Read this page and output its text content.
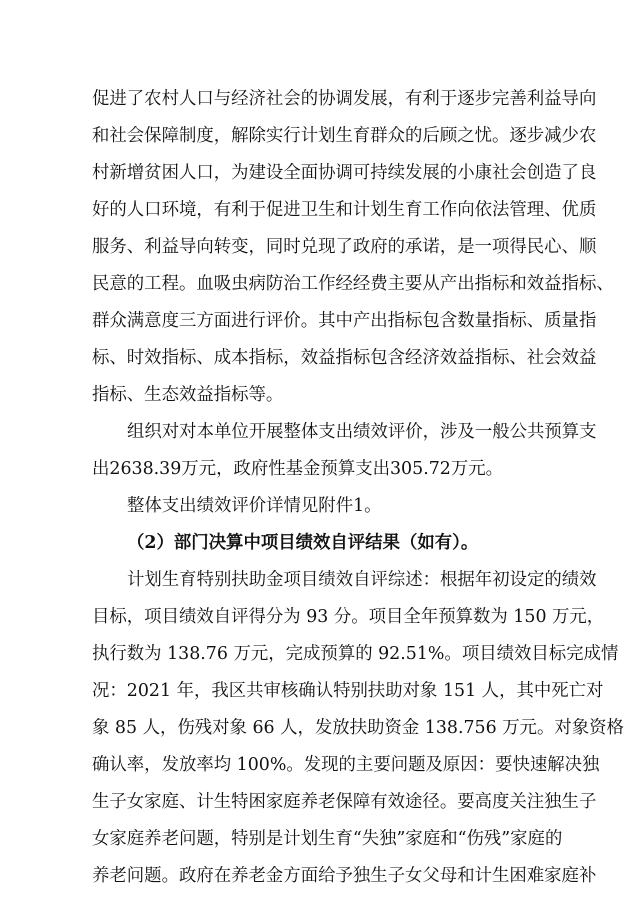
促进了农村人口与经济社会的协调发展，有利于逐步完善利益导向
和社会保障制度，解除实行计划生育群众的后顾之忧。逐步减少农
村新增贫困人口，为建设全面协调可持续发展的小康社会创造了良
好的人口环境，有利于促进卫生和计划生育工作向依法管理、优质
服务、利益导向转变，同时兑现了政府的承诺，是一项得民心、顺
民意的工程。血吸虫病防治工作经经费主要从产出指标和效益指标、
群众满意度三方面进行评价。其中产出指标包含数量指标、质量指
标、时效指标、成本指标，效益指标包含经济效益指标、社会效益
指标、生态效益指标等。
组织对对本单位开展整体支出绩效评价，涉及一般公共预算支
出2638.39万元，政府性基金预算支出305.72万元。
整体支出绩效评价详情见附件1。
（2）部门决算中项目绩效自评结果（如有）。
计划生育特别扶助金项目绩效自评综述：根据年初设定的绩效
目标，项目绩效自评得分为 93 分。项目全年预算数为 150 万元，
执行数为 138.76 万元，完成预算的 92.51%。项目绩效目标完成情
况：2021 年，我区共审核确认特别扶助对象 151 人，其中死亡对
象 85 人，伤残对象 66 人，发放扶助资金 138.756 万元。对象资格
确认率，发放率均 100%。发现的主要问题及原因：要快速解决独
生子女家庭、计生特困家庭养老保障有效途径。要高度关注独生子
女家庭养老问题，特别是计划生育“失独”家庭和“伤残”家庭的
养老问题。政府在养老金方面给予独生子女父母和计生困难家庭补
